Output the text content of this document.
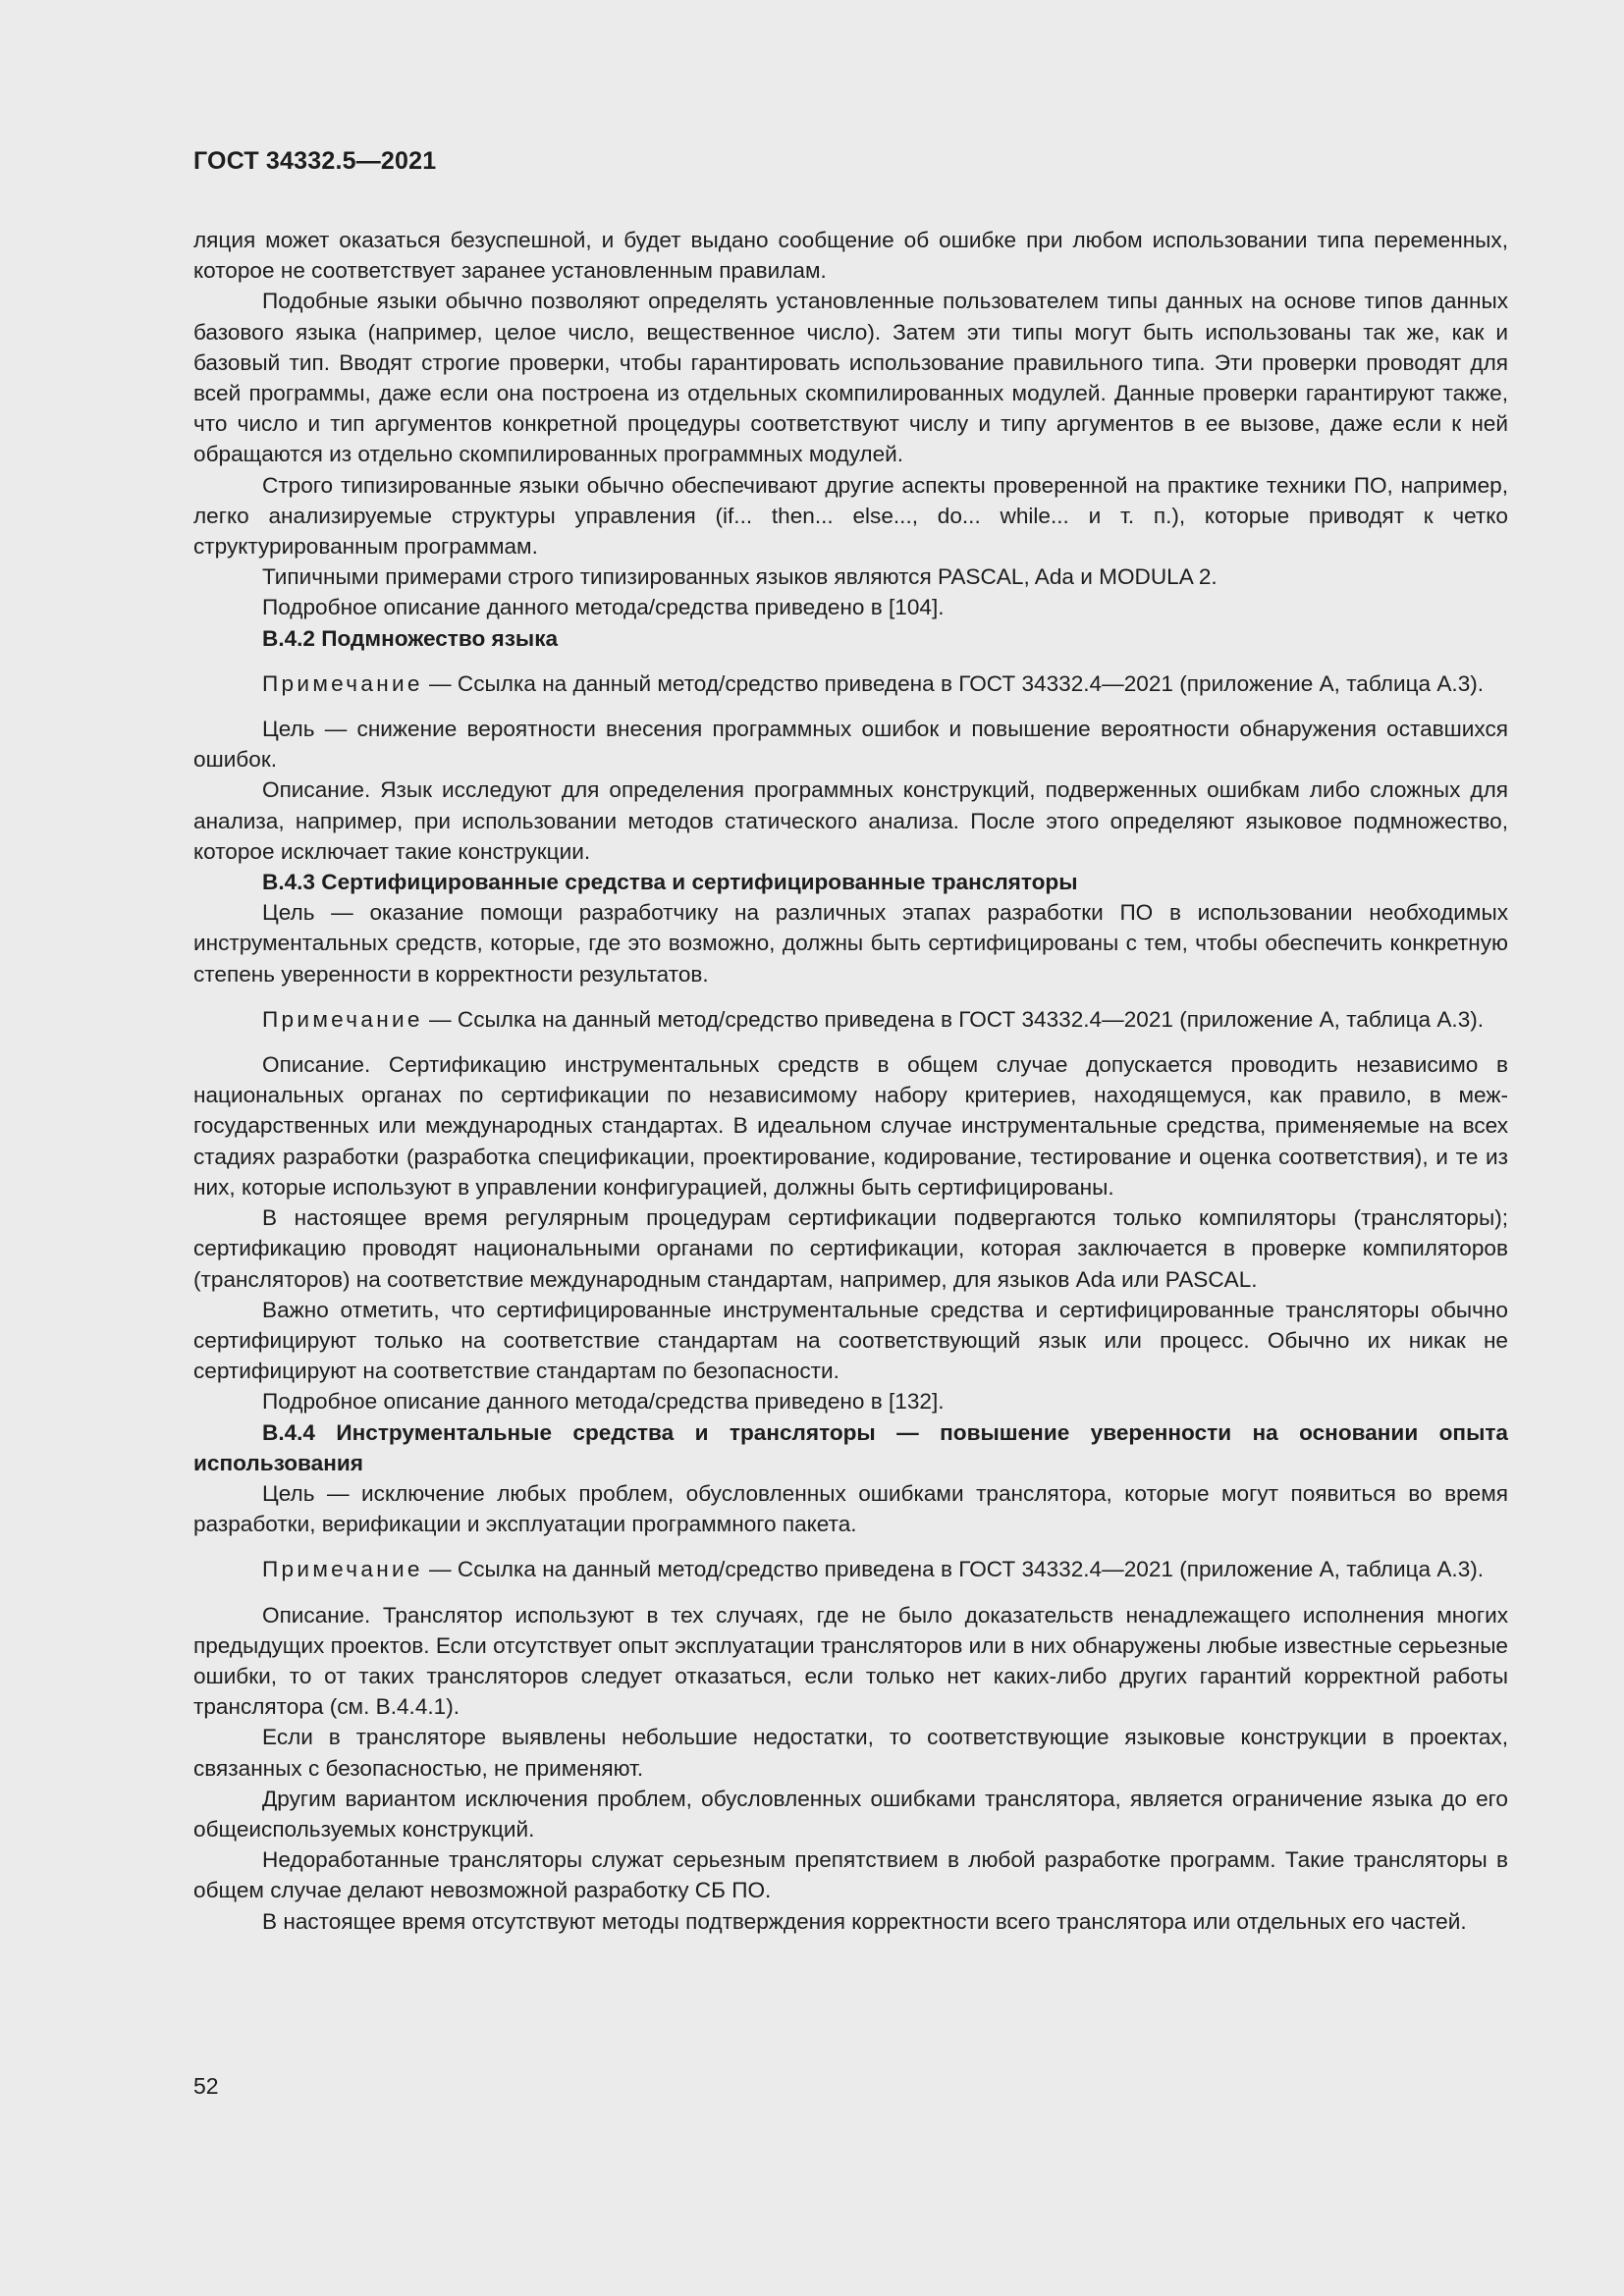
ГОСТ 34332.5—2021

ляция может оказаться безуспешной, и будет выдано сообщение об ошибке при любом использовании типа переменных, которое не соответствует заранее установленным правилам.

Подобные языки обычно позволяют определять установленные пользователем типы данных на основе типов данных базового языка (например, целое число, вещественное число). Затем эти типы могут быть использованы так же, как и базовый тип. Вводят строгие проверки, чтобы гарантировать использование правильного типа. Эти проверки проводят для всей программы, даже если она построена из отдельных скомпилированных модулей. Данные проверки гарантируют также, что число и тип аргументов конкретной процедуры соответствуют числу и типу аргументов в ее вызове, даже если к ней обращаются из отдельно скомпилированных программных модулей.

Строго типизированные языки обычно обеспечивают другие аспекты проверенной на практике техники ПО, например, легко анализируемые структуры управления (if... then... else..., do... while... и т. п.), которые приводят к четко структурированным программам.

Типичными примерами строго типизированных языков являются PASCAL, Ada и MODULA 2.

Подробное описание данного метода/средства приведено в [104].

В.4.2 Подмножество языка

Примечание — Ссылка на данный метод/средство приведена в ГОСТ 34332.4—2021 (приложение А, таблица А.3).

Цель — снижение вероятности внесения программных ошибок и повышение вероятности обнаружения оставшихся ошибок.

Описание. Язык исследуют для определения программных конструкций, подверженных ошибкам либо сложных для анализа, например, при использовании методов статического анализа. После этого определяют языковое подмножество, которое исключает такие конструкции.

В.4.3 Сертифицированные средства и сертифицированные трансляторы

Цель — оказание помощи разработчику на различных этапах разработки ПО в использовании необходимых инструментальных средств, которые, где это возможно, должны быть сертифицированы с тем, чтобы обеспечить конкретную степень уверенности в корректности результатов.

Примечание — Ссылка на данный метод/средство приведена в ГОСТ 34332.4—2021 (приложение А, таблица А.3).

Описание. Сертификацию инструментальных средств в общем случае допускается проводить независимо в национальных органах по сертификации по независимому набору критериев, находящемуся, как правило, в межгосударственных или международных стандартах. В идеальном случае инструментальные средства, применяемые на всех стадиях разработки (разработка спецификации, проектирование, кодирование, тестирование и оценка соответствия), и те из них, которые используют в управлении конфигурацией, должны быть сертифицированы.

В настоящее время регулярным процедурам сертификации подвергаются только компиляторы (трансляторы); сертификацию проводят национальными органами по сертификации, которая заключается в проверке компиляторов (трансляторов) на соответствие международным стандартам, например, для языков Ada или PASCAL.

Важно отметить, что сертифицированные инструментальные средства и сертифицированные трансляторы обычно сертифицируют только на соответствие стандартам на соответствующий язык или процесс. Обычно их никак не сертифицируют на соответствие стандартам по безопасности.

Подробное описание данного метода/средства приведено в [132].

В.4.4 Инструментальные средства и трансляторы — повышение уверенности на основании опыта использования

Цель — исключение любых проблем, обусловленных ошибками транслятора, которые могут появиться во время разработки, верификации и эксплуатации программного пакета.

Примечание — Ссылка на данный метод/средство приведена в ГОСТ 34332.4—2021 (приложение А, таблица А.3).

Описание. Транслятор используют в тех случаях, где не было доказательств ненадлежащего исполнения многих предыдущих проектов. Если отсутствует опыт эксплуатации трансляторов или в них обнаружены любые известные серьезные ошибки, то от таких трансляторов следует отказаться, если только нет каких-либо других гарантий корректной работы транслятора (см. В.4.4.1).

Если в трансляторе выявлены небольшие недостатки, то соответствующие языковые конструкции в проектах, связанных с безопасностью, не применяют.

Другим вариантом исключения проблем, обусловленных ошибками транслятора, является ограничение языка до его общеиспользуемых конструкций.

Недоработанные трансляторы служат серьезным препятствием в любой разработке программ. Такие трансляторы в общем случае делают невозможной разработку СБ ПО.

В настоящее время отсутствуют методы подтверждения корректности всего транслятора или отдельных его частей.

52
